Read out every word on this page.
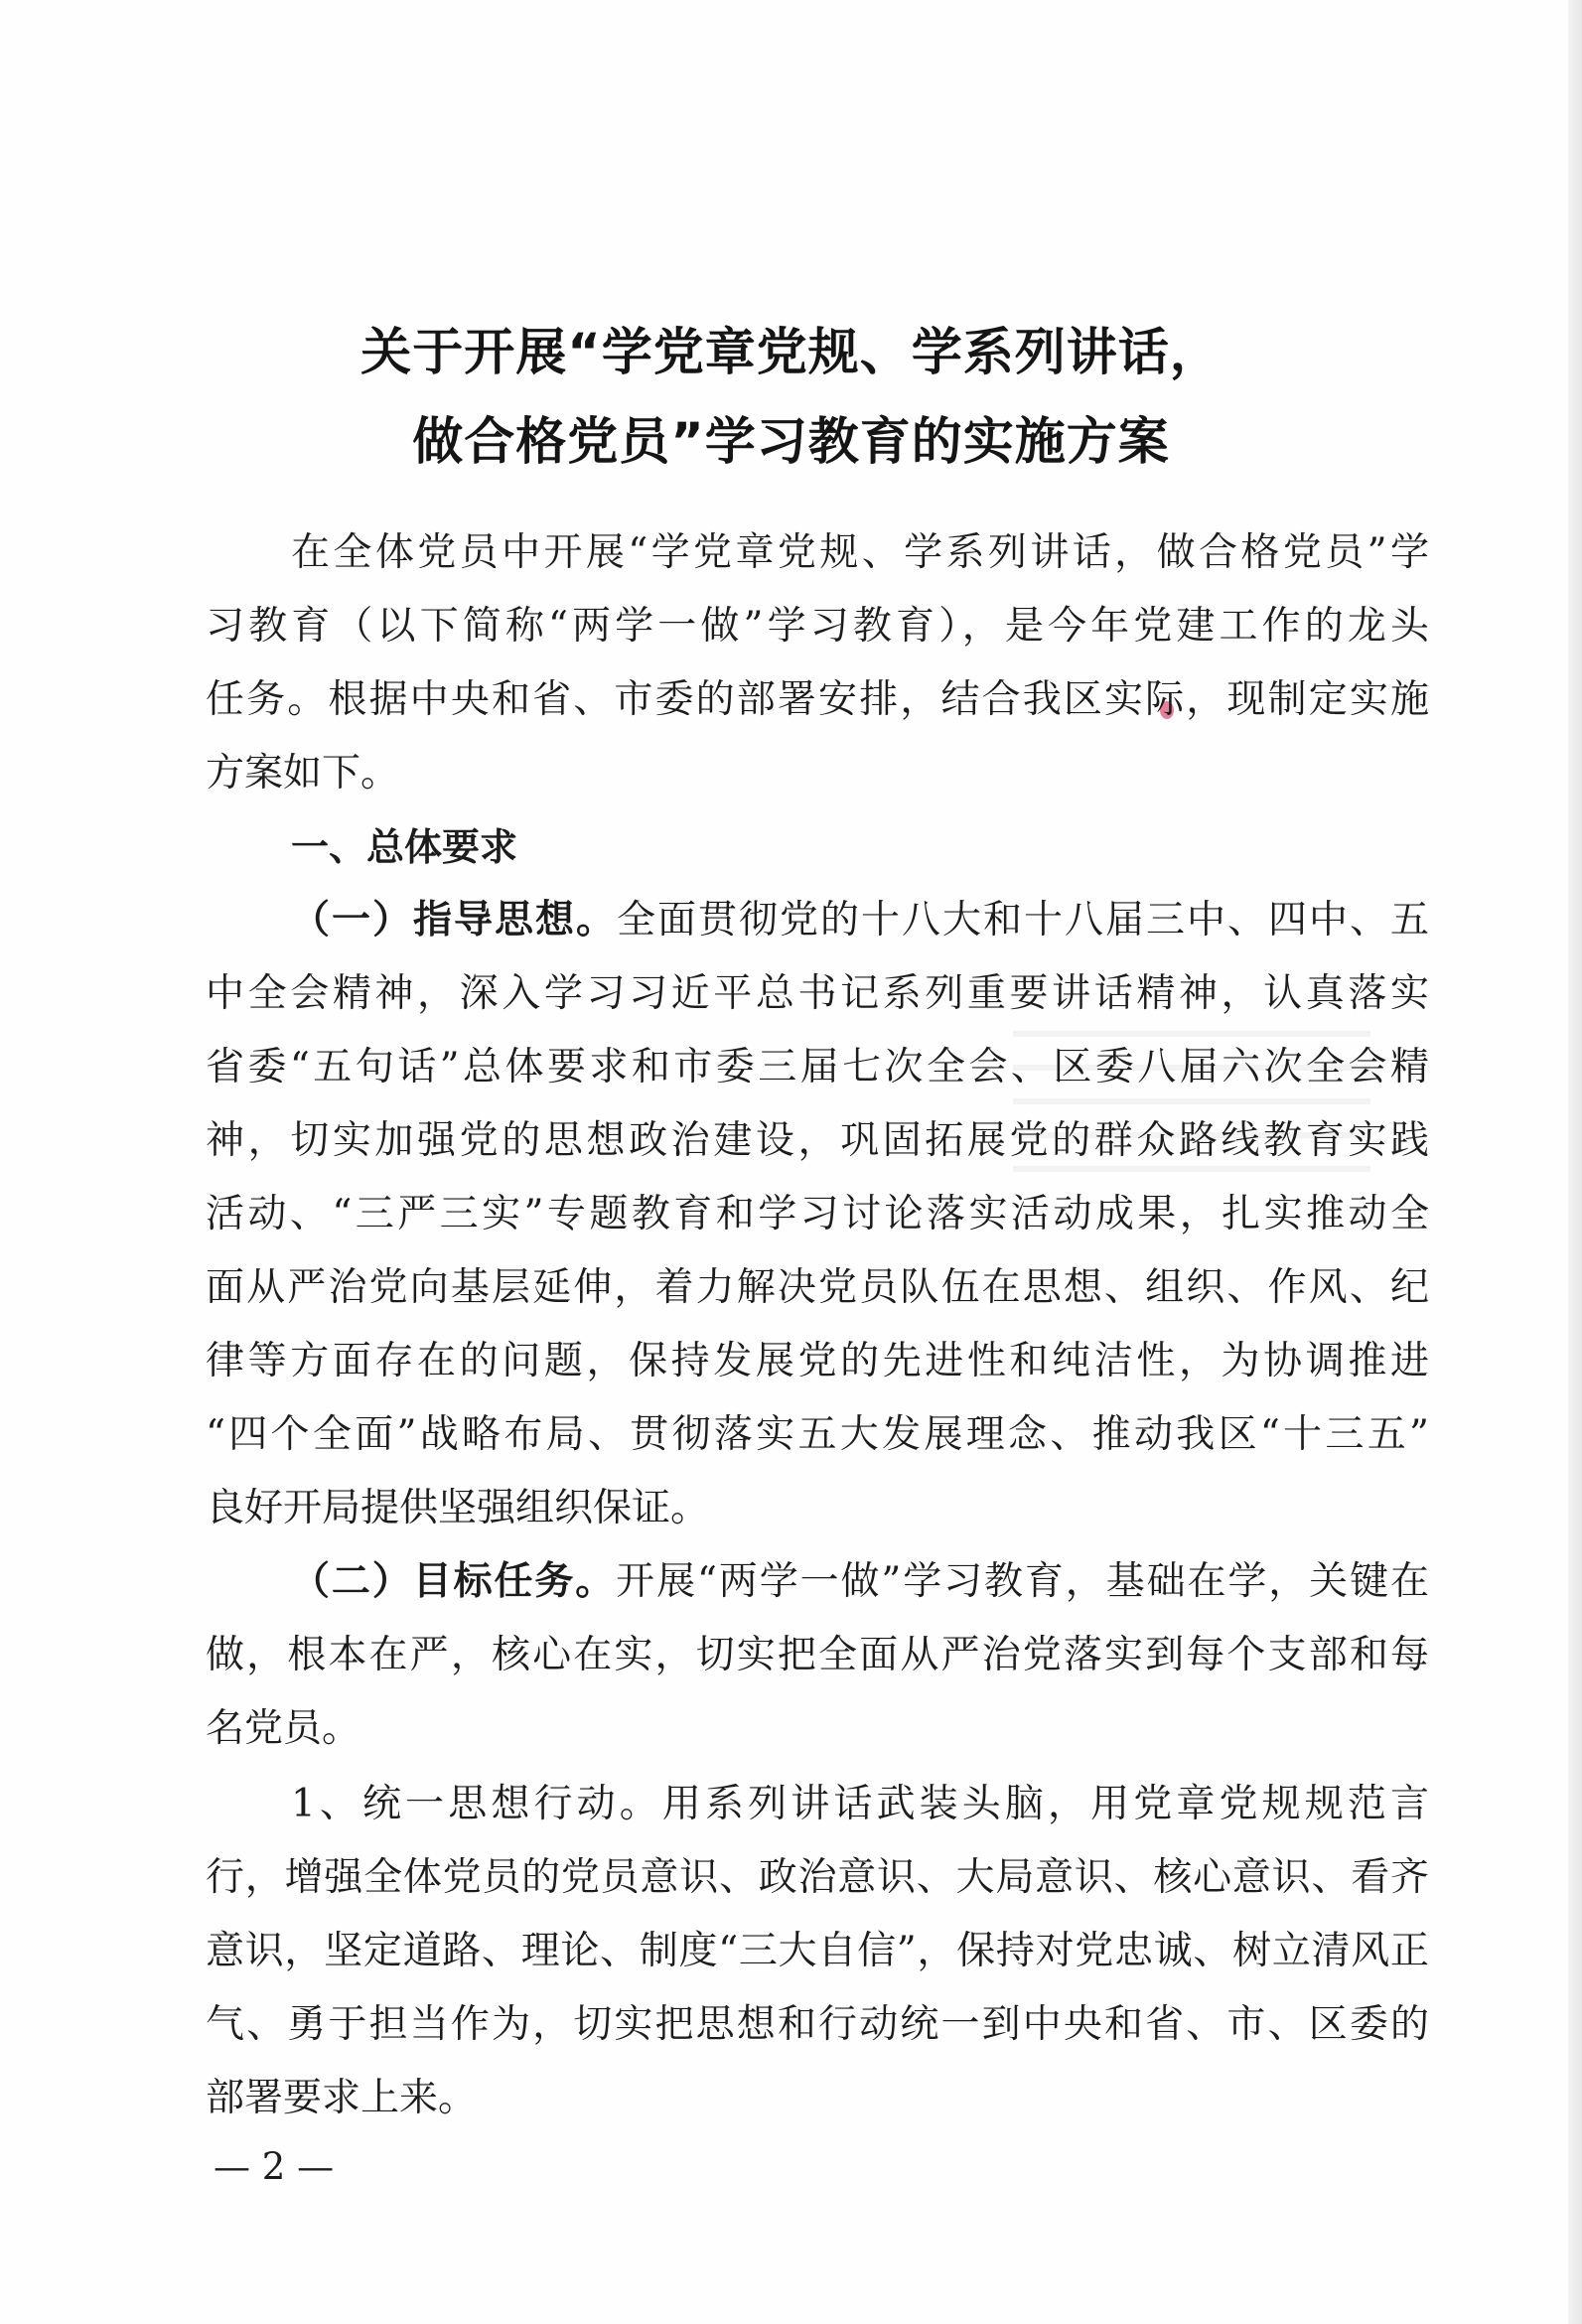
关于开展“学党章党规、学系列讲话，
做合格党员”学习教育的实施方案
在全体党员中开展“学党章党规、学系列讲话，做合格党员”学
习教育（以下简称“两学一做”学习教育），是今年党建工作的龙头
任务。根据中央和省、市委的部署安排，结合我区实际，现制定实施
方案如下。
一、总体要求
（一）指导思想。全面贯彻党的十八大和十八届三中、四中、五
中全会精神，深入学习习近平总书记系列重要讲话精神，认真落实
省委“五句话”总体要求和市委三届七次全会、区委八届六次全会精
神，切实加强党的思想政治建设，巩固拓展党的群众路线教育实践
活动、“三严三实”专题教育和学习讨论落实活动成果，扎实推动全
面从严治党向基层延伸，着力解决党员队伍在思想、组织、作风、纪
律等方面存在的问题，保持发展党的先进性和纯洁性，为协调推进
“四个全面”战略布局、贯彻落实五大发展理念、推动我区“十三五”
良好开局提供坚强组织保证。
（二）目标任务。开展“两学一做”学习教育，基础在学，关键在
做，根本在严，核心在实，切实把全面从严治党落实到每个支部和每
名党员。
1、统一思想行动。用系列讲话武装头脑，用党章党规规范言
行，增强全体党员的党员意识、政治意识、大局意识、核心意识、看齐
意识，坚定道路、理论、制度“三大自信”，保持对党忠诚、树立清风正
气、勇于担当作为，切实把思想和行动统一到中央和省、市、区委的
部署要求上来。
— 2 —
